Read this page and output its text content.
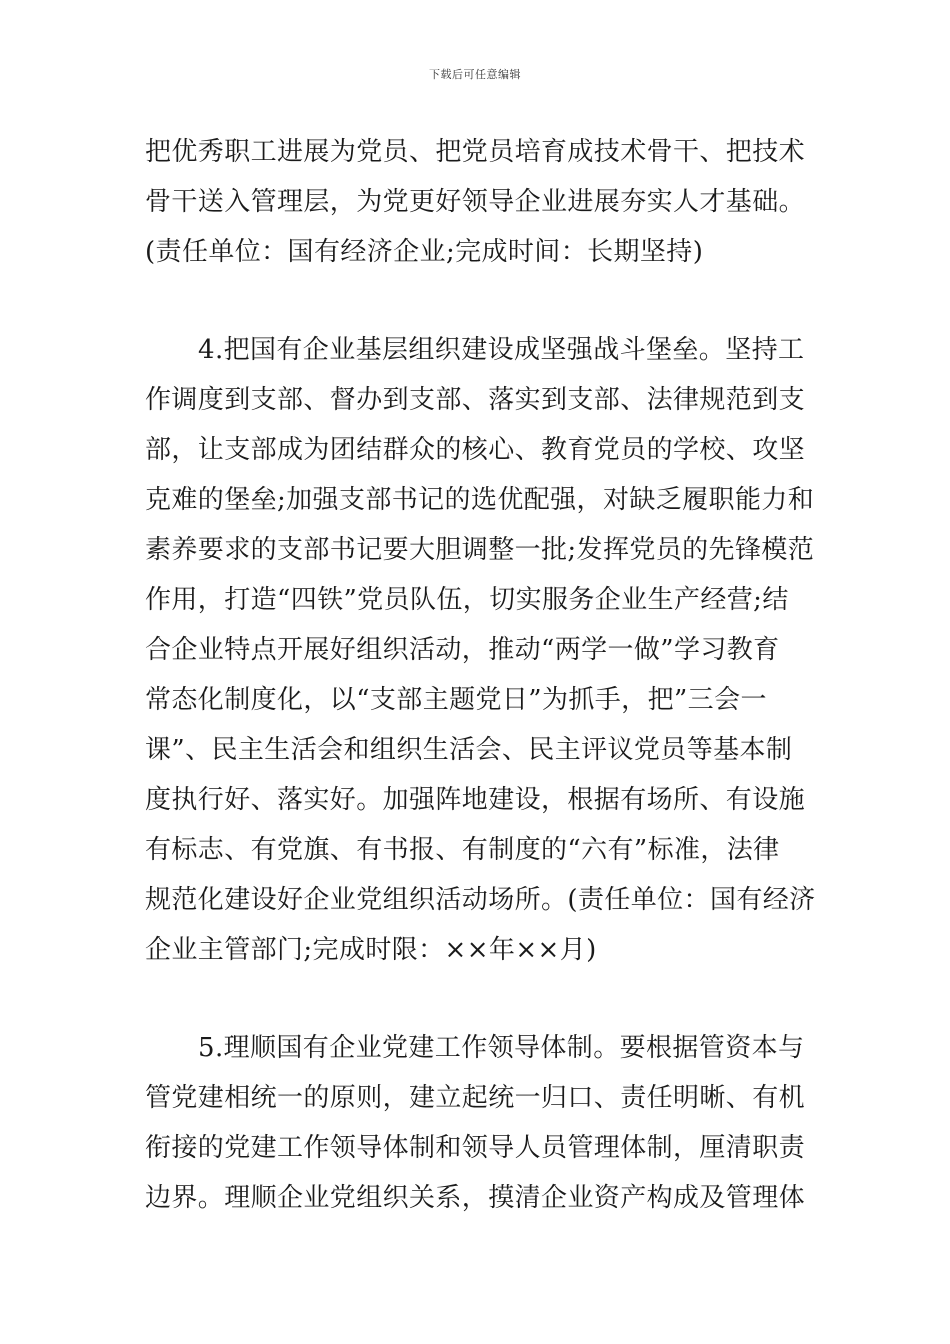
下载后可任意编辑
把优秀职工进展为党员、把党员培育成技术骨干、把技术
骨干送入管理层，为党更好领导企业进展夯实人才基础。
(责任单位：国有经济企业;完成时间：长期坚持)
4.把国有企业基层组织建设成坚强战斗堡垒。坚持工
作调度到支部、督办到支部、落实到支部、法律规范到支
部，让支部成为团结群众的核心、教育党员的学校、攻坚
克难的堡垒;加强支部书记的选优配强，对缺乏履职能力和
素养要求的支部书记要大胆调整一批;发挥党员的先锋模范
作用，打造“四铁”党员队伍，切实服务企业生产经营;结
合企业特点开展好组织活动，推动“两学一做”学习教育
常态化制度化，以“支部主题党日”为抓手，把”三会一
课”、民主生活会和组织生活会、民主评议党员等基本制
度执行好、落实好。加强阵地建设，根据有场所、有设施
有标志、有党旗、有书报、有制度的“六有”标准，法律
规范化建设好企业党组织活动场所。(责任单位：国有经济
企业主管部门;完成时限：××年××月)
5.理顺国有企业党建工作领导体制。要根据管资本与
管党建相统一的原则，建立起统一归口、责任明晰、有机
衔接的党建工作领导体制和领导人员管理体制，厘清职责
边界。理顺企业党组织关系，摸清企业资产构成及管理体
